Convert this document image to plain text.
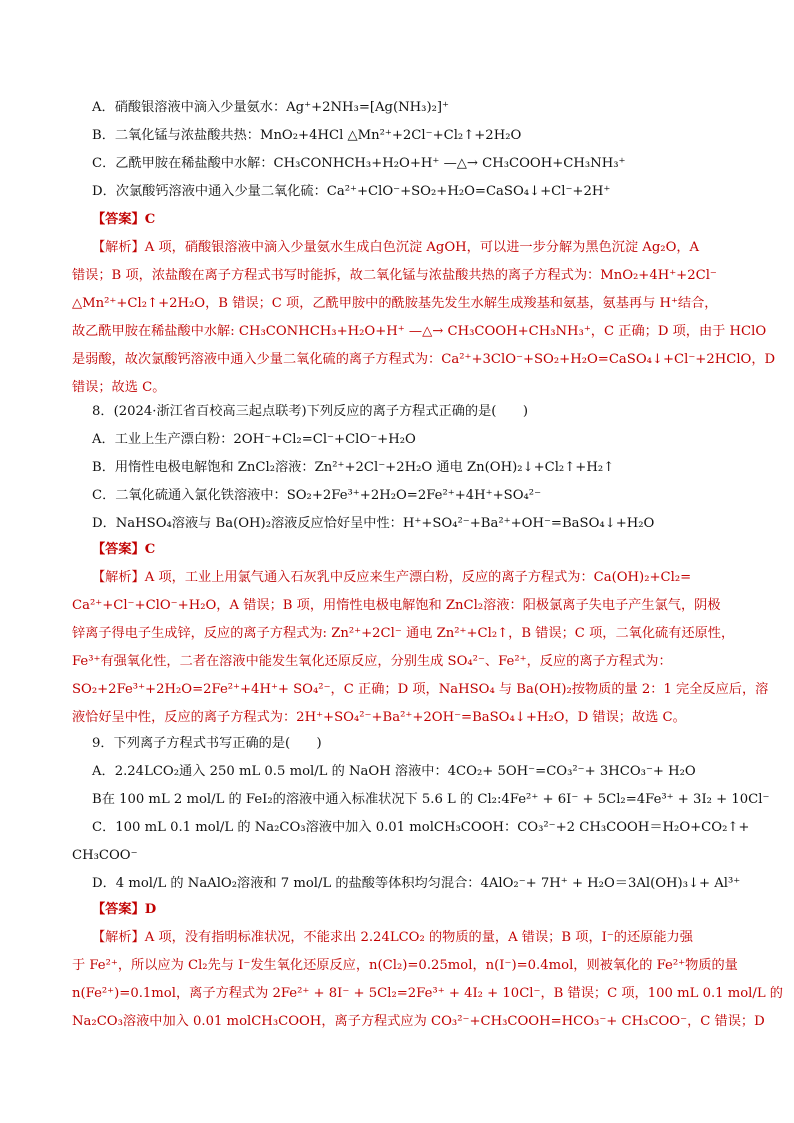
A．硝酸银溶液中滴入少量氨水：Ag⁺+2NH₃=[Ag(NH₃)₂]⁺
B．二氧化锰与浓盐酸共热：MnO₂+4HCl △Mn²⁺+2Cl⁻+Cl₂↑+2H₂O
C．乙酰甲胺在稀盐酸中水解：CH₃CONHCH₃+H₂O+H⁺ —△→ CH₃COOH+CH₃NH₃⁺
D．次氯酸钙溶液中通入少量二氧化硫：Ca²⁺+ClO⁻+SO₂+H₂O=CaSO₄↓+Cl⁻+2H⁺
【答案】C
【解析】A 项，硝酸银溶液中滴入少量氨水生成白色沉淀 AgOH，可以进一步分解为黑色沉淀 Ag₂O，A
错误；B 项，浓盐酸在离子方程式书写时能拆，故二氧化锰与浓盐酸共热的离子方程式为：MnO₂+4H⁺+2Cl⁻
△Mn²⁺+Cl₂↑+2H₂O，B 错误；C 项，乙酰甲胺中的酰胺基先发生水解生成羧基和氨基，氨基再与 H⁺结合，
故乙酰甲胺在稀盐酸中水解: CH₃CONHCH₃+H₂O+H⁺ —△→ CH₃COOH+CH₃NH₃⁺，C 正确；D 项，由于 HClO
是弱酸，故次氯酸钙溶液中通入少量二氧化硫的离子方程式为：Ca²⁺+3ClO⁻+SO₂+H₂O=CaSO₄↓+Cl⁻+2HClO，D
错误；故选 C。
8．(2024·浙江省百校高三起点联考)下列反应的离子方程式正确的是(　　)
A．工业上生产漂白粉：2OH⁻+Cl₂=Cl⁻+ClO⁻+H₂O
B．用惰性电极电解饱和 ZnCl₂溶液：Zn²⁺+2Cl⁻+2H₂O 通电 Zn(OH)₂↓+Cl₂↑+H₂↑
C．二氧化硫通入氯化铁溶液中：SO₂+2Fe³⁺+2H₂O=2Fe²⁺+4H⁺+SO₄²⁻
D．NaHSO₄溶液与 Ba(OH)₂溶液反应恰好呈中性：H⁺+SO₄²⁻+Ba²⁺+OH⁻=BaSO₄↓+H₂O
【答案】C
【解析】A 项，工业上用氯气通入石灰乳中反应来生产漂白粉，反应的离子方程式为：Ca(OH)₂+Cl₂=
Ca²⁺+Cl⁻+ClO⁻+H₂O，A 错误；B 项，用惰性电极电解饱和 ZnCl₂溶液：阳极氯离子失电子产生氯气，阴极
锌离子得电子生成锌，反应的离子方程式为: Zn²⁺+2Cl⁻ 通电 Zn²⁺+Cl₂↑，B 错误；C 项，二氧化硫有还原性，
Fe³⁺有强氧化性，二者在溶液中能发生氧化还原反应，分别生成 SO₄²⁻、Fe²⁺，反应的离子方程式为：
SO₂+2Fe³⁺+2H₂O=2Fe²⁺+4H⁺+ SO₄²⁻，C 正确；D 项，NaHSO₄ 与 Ba(OH)₂按物质的量 2：1 完全反应后，溶
液恰好呈中性，反应的离子方程式为：2H⁺+SO₄²⁻+Ba²⁺+2OH⁻=BaSO₄↓+H₂O，D 错误；故选 C。
9．下列离子方程式书写正确的是(　　)
A．2.24LCO₂通入 250 mL 0.5 mol/L 的 NaOH 溶液中：4CO₂+ 5OH⁻=CO₃²⁻+ 3HCO₃⁻+ H₂O
B在 100 mL 2 mol/L 的 FeI₂的溶液中通入标准状况下 5.6 L 的 Cl₂:4Fe²⁺ + 6I⁻ + 5Cl₂=4Fe³⁺ + 3I₂ + 10Cl⁻
C．100 mL 0.1 mol/L 的 Na₂CO₃溶液中加入 0.01 molCH₃COOH：CO₃²⁻+2 CH₃COOH＝H₂O+CO₂↑+
CH₃COO⁻
D．4 mol/L 的 NaAlO₂溶液和 7 mol/L 的盐酸等体积均匀混合：4AlO₂⁻+ 7H⁺ + H₂O＝3Al(OH)₃↓+ Al³⁺
【答案】D
【解析】A 项，没有指明标准状况，不能求出 2.24LCO₂ 的物质的量，A 错误；B 项，I⁻的还原能力强
于 Fe²⁺，所以应为 Cl₂先与 I⁻发生氧化还原反应，n(Cl₂)=0.25mol，n(I⁻)=0.4mol，则被氧化的 Fe²⁺物质的量
n(Fe²⁺)=0.1mol，离子方程式为 2Fe²⁺ + 8I⁻ + 5Cl₂=2Fe³⁺ + 4I₂ + 10Cl⁻，B 错误；C 项，100 mL 0.1 mol/L 的
Na₂CO₃溶液中加入 0.01 molCH₃COOH，离子方程式应为 CO₃²⁻+CH₃COOH=HCO₃⁻+ CH₃COO⁻，C 错误；D
